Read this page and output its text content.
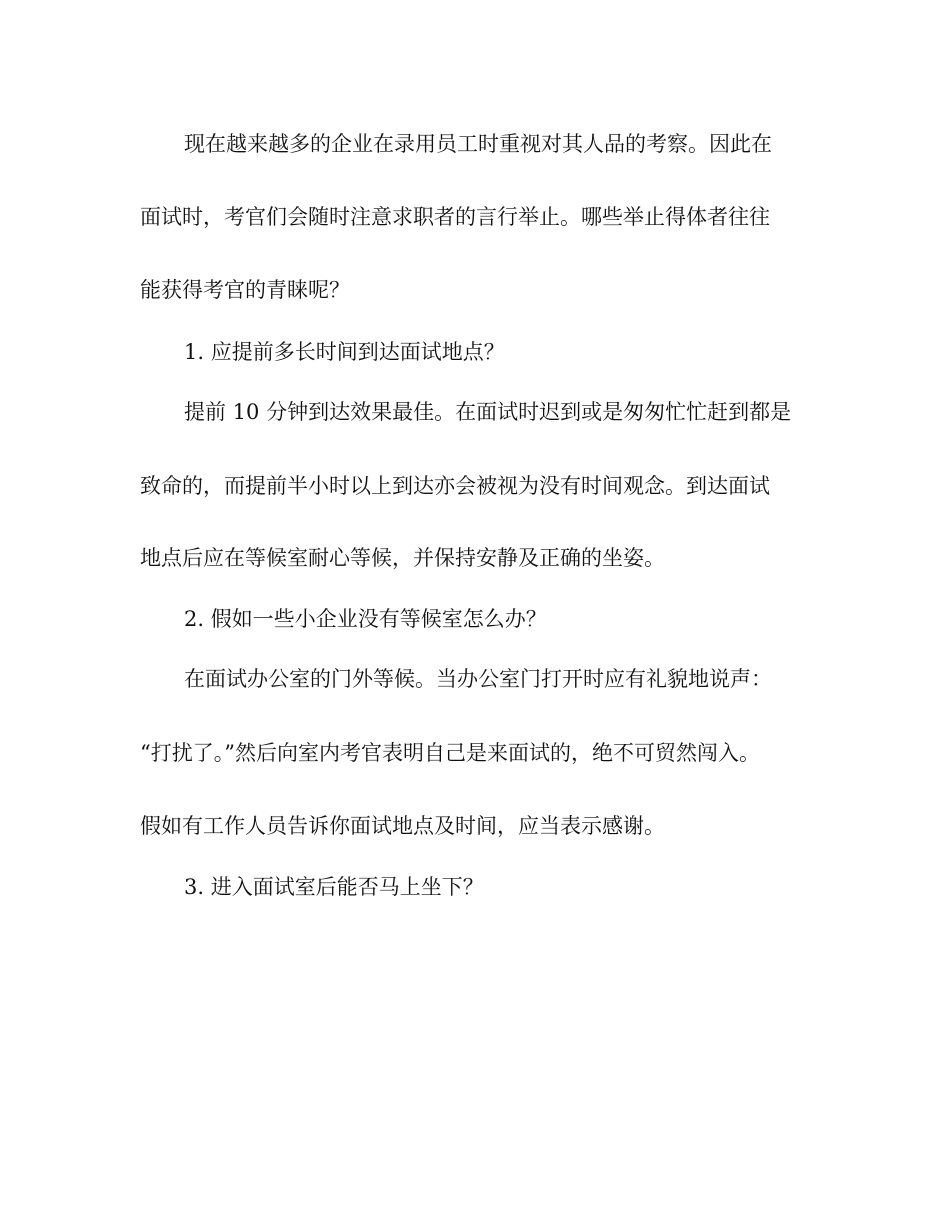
现在越来越多的企业在录用员工时重视对其人品的考察。因此在

面试时，考官们会随时注意求职者的言行举止。哪些举止得体者往往

能获得考官的青睐呢？

1. 应提前多长时间到达面试地点？

提前 10 分钟到达效果最佳。在面试时迟到或是匆匆忙忙赶到都是

致命的，而提前半小时以上到达亦会被视为没有时间观念。到达面试

地点后应在等候室耐心等候，并保持安静及正确的坐姿。

2. 假如一些小企业没有等候室怎么办？

在面试办公室的门外等候。当办公室门打开时应有礼貌地说声：

“打扰了。”然后向室内考官表明自己是来面试的，绝不可贸然闯入。

假如有工作人员告诉你面试地点及时间，应当表示感谢。

3. 进入面试室后能否马上坐下？
